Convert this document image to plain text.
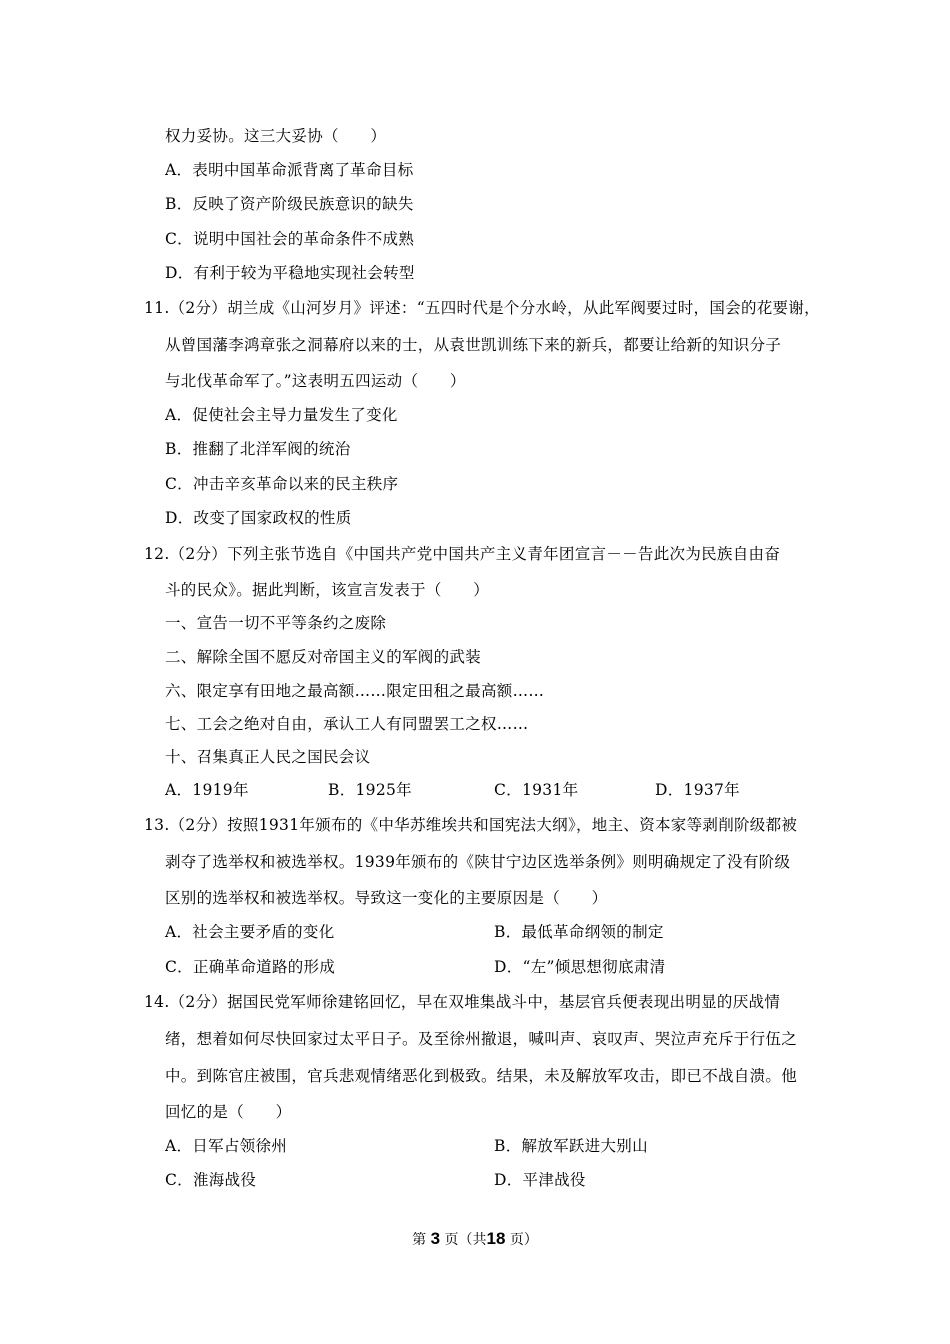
权力妥协。这三大妥协（　　）
A．表明中国革命派背离了革命目标
B．反映了资产阶级民族意识的缺失
C．说明中国社会的革命条件不成熟
D．有利于较为平稳地实现社会转型
11.（2分）胡兰成《山河岁月》评述：“五四时代是个分水岭，从此军阀要过时，国会的花要谢，
从曾国藩李鸿章张之洞幕府以来的士，从袁世凯训练下来的新兵，都要让给新的知识分子
与北伐革命军了。”这表明五四运动（　　）
A．促使社会主导力量发生了变化
B．推翻了北洋军阀的统治
C．冲击辛亥革命以来的民主秩序
D．改变了国家政权的性质
12.（2分）下列主张节选自《中国共产党中国共产主义青年团宣言－－告此次为民族自由奋
斗的民众》。据此判断，该宣言发表于（　　）
一、宣告一切不平等条约之废除
二、解除全国不愿反对帝国主义的军阀的武装
六、限定享有田地之最高额……限定田租之最高额……
七、工会之绝对自由，承认工人有同盟罢工之权……
十、召集真正人民之国民会议
A．1919年	B．1925年	C．1931年	D．1937年
13.（2分）按照1931年颁布的《中华苏维埃共和国宪法大纲》，地主、资本家等剥削阶级都被
剥夺了选举权和被选举权。1939年颁布的《陕甘宁边区选举条例》则明确规定了没有阶级
区别的选举权和被选举权。导致这一变化的主要原因是（　　）
A．社会主要矛盾的变化	B．最低革命纲领的制定
C．正确革命道路的形成	D．“左”倾思想彻底肃清
14.（2分）据国民党军师徐建铭回忆，早在双堆集战斗中，基层官兵便表现出明显的厌战情
绪，想着如何尽快回家过太平日子。及至徐州撤退，喊叫声、哀叹声、哭泣声充斥于行伍之
中。到陈官庄被围，官兵悲观情绪恶化到极致。结果，未及解放军攻击，即已不战自溃。他
回忆的是（　　）
A．日军占领徐州	B．解放军跃进大别山
C．淮海战役	D．平津战役
第 3 页（共18 页）
